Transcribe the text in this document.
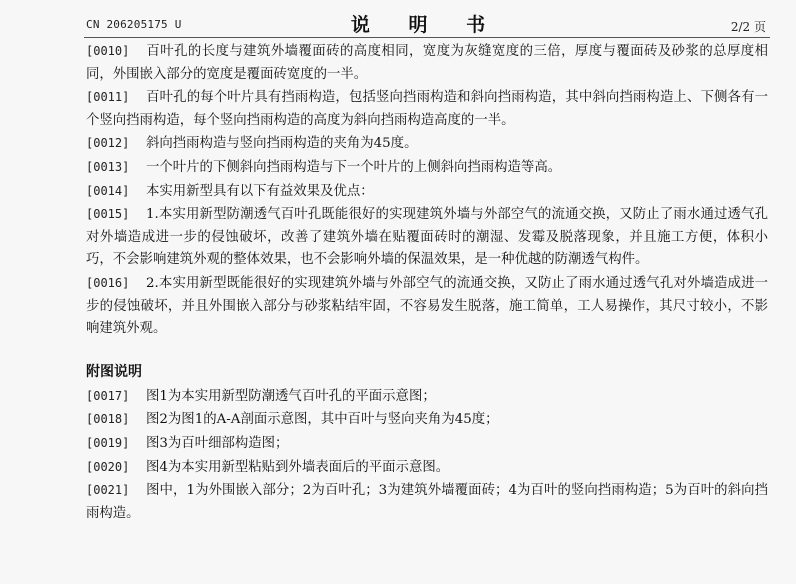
CN 206205175 U	说 明 书	2/2 页

[0010] 百叶孔的长度与建筑外墙覆面砖的高度相同，宽度为灰缝宽度的三倍，厚度与覆面砖及砂浆的总厚度相同，外围嵌入部分的宽度是覆面砖宽度的一半。

[0011] 百叶孔的每个叶片具有挡雨构造，包括竖向挡雨构造和斜向挡雨构造，其中斜向挡雨构造上、下侧各有一个竖向挡雨构造，每个竖向挡雨构造的高度为斜向挡雨构造高度的一半。

[0012] 斜向挡雨构造与竖向挡雨构造的夹角为45度。

[0013] 一个叶片的下侧斜向挡雨构造与下一个叶片的上侧斜向挡雨构造等高。

[0014] 本实用新型具有以下有益效果及优点：

[0015] 1.本实用新型防潮透气百叶孔既能很好的实现建筑外墙与外部空气的流通交换，又防止了雨水通过透气孔对外墙造成进一步的侵蚀破坏，改善了建筑外墙在贴覆面砖时的潮湿、发霉及脱落现象，并且施工方便，体积小巧，不会影响建筑外观的整体效果，也不会影响外墙的保温效果，是一种优越的防潮透气构件。

[0016] 2.本实用新型既能很好的实现建筑外墙与外部空气的流通交换，又防止了雨水通过透气孔对外墙造成进一步的侵蚀破坏，并且外围嵌入部分与砂浆粘结牢固，不容易发生脱落，施工简单，工人易操作，其尺寸较小，不影响建筑外观。

附图说明

[0017] 图1为本实用新型防潮透气百叶孔的平面示意图；

[0018] 图2为图1的A-A剖面示意图，其中百叶与竖向夹角为45度；

[0019] 图3为百叶细部构造图；

[0020] 图4为本实用新型粘贴到外墙表面后的平面示意图。

[0021] 图中，1为外围嵌入部分；2为百叶孔；3为建筑外墙覆面砖；4为百叶的竖向挡雨构造；5为百叶的斜向挡雨构造。
